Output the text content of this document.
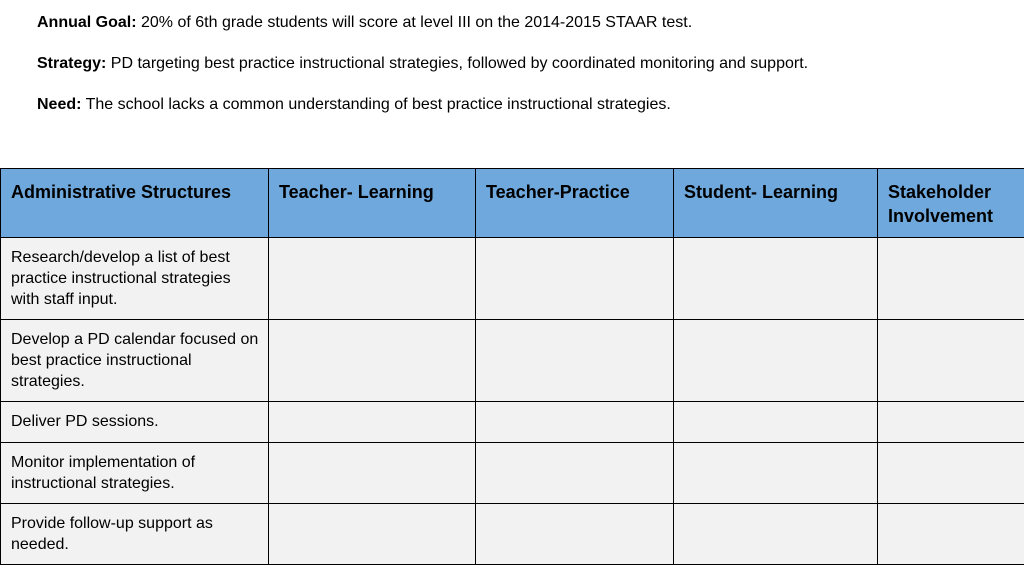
Annual Goal: 20% of 6th grade students will score at level III on the 2014-2015 STAAR test.
Strategy: PD targeting best practice instructional strategies, followed by coordinated monitoring and support.
Need: The school lacks a common understanding of best practice instructional strategies.
Administrative Structures	Teacher- Learning	Teacher-Practice	Student- Learning	Stakeholder Involvement
Research/develop a list of best practice instructional strategies with staff input.				
Develop a PD calendar focused on best practice instructional strategies.				
Deliver PD sessions.				
Monitor implementation of instructional strategies.				
Provide follow-up support as needed.				
